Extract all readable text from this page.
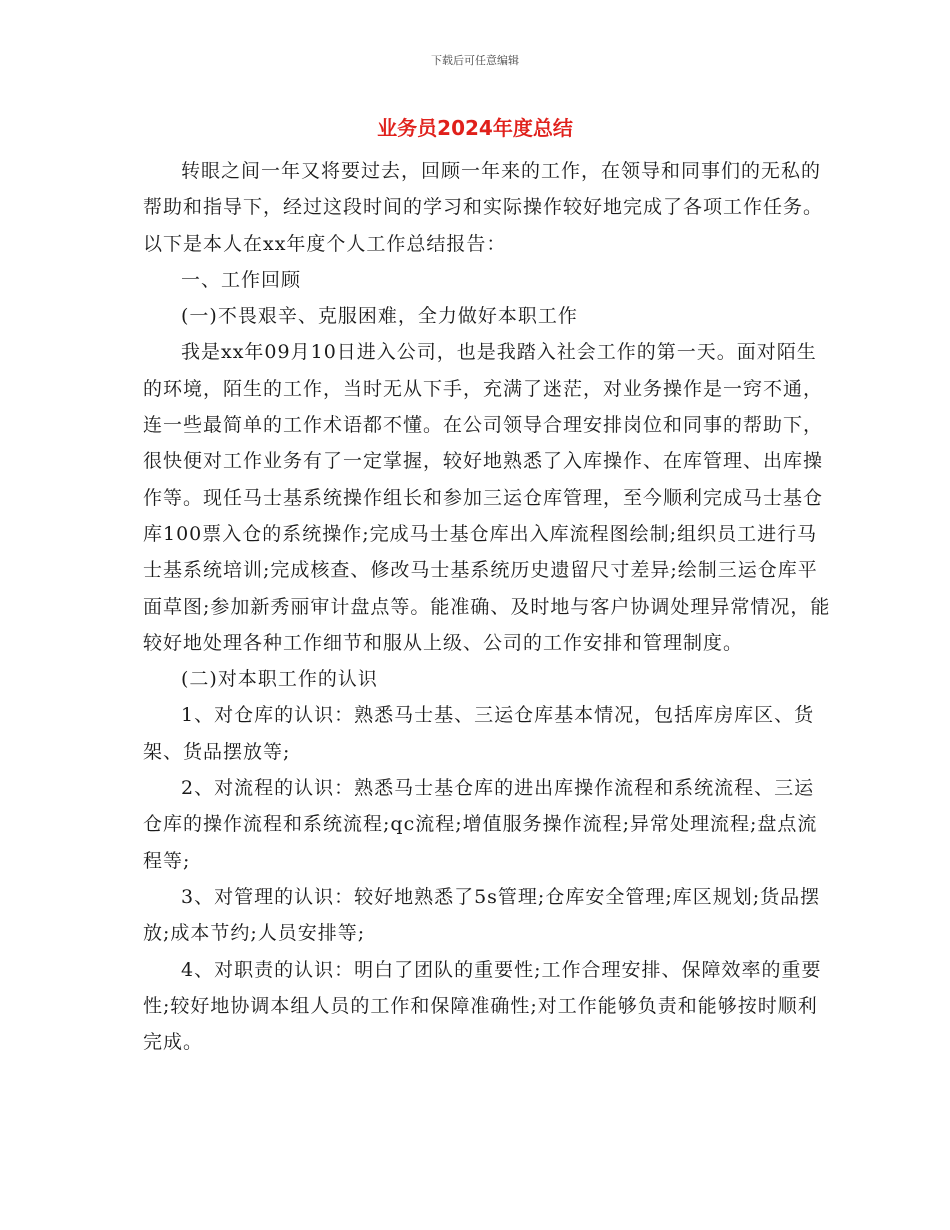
下载后可任意编辑
业务员2024年度总结

转眼之间一年又将要过去，回顾一年来的工作，在领导和同事们的无私的帮助和指导下，经过这段时间的学习和实际操作较好地完成了各项工作任务。以下是本人在xx年度个人工作总结报告：

一、工作回顾

(一)不畏艰辛、克服困难，全力做好本职工作

我是xx年09月10日进入公司，也是我踏入社会工作的第一天。面对陌生的环境，陌生的工作，当时无从下手，充满了迷茫，对业务操作是一窍不通，连一些最简单的工作术语都不懂。在公司领导合理安排岗位和同事的帮助下，很快便对工作业务有了一定掌握，较好地熟悉了入库操作、在库管理、出库操作等。现任马士基系统操作组长和参加三运仓库管理，至今顺利完成马士基仓库100票入仓的系统操作;完成马士基仓库出入库流程图绘制;组织员工进行马士基系统培训;完成核查、修改马士基系统历史遗留尺寸差异;绘制三运仓库平面草图;参加新秀丽审计盘点等。能准确、及时地与客户协调处理异常情况，能较好地处理各种工作细节和服从上级、公司的工作安排和管理制度。

(二)对本职工作的认识

1、对仓库的认识：熟悉马士基、三运仓库基本情况，包括库房库区、货架、货品摆放等;

2、对流程的认识：熟悉马士基仓库的进出库操作流程和系统流程、三运仓库的操作流程和系统流程;qc流程;增值服务操作流程;异常处理流程;盘点流程等;

3、对管理的认识：较好地熟悉了5s管理;仓库安全管理;库区规划;货品摆放;成本节约;人员安排等;

4、对职责的认识：明白了团队的重要性;工作合理安排、保障效率的重要性;较好地协调本组人员的工作和保障准确性;对工作能够负责和能够按时顺利完成。
